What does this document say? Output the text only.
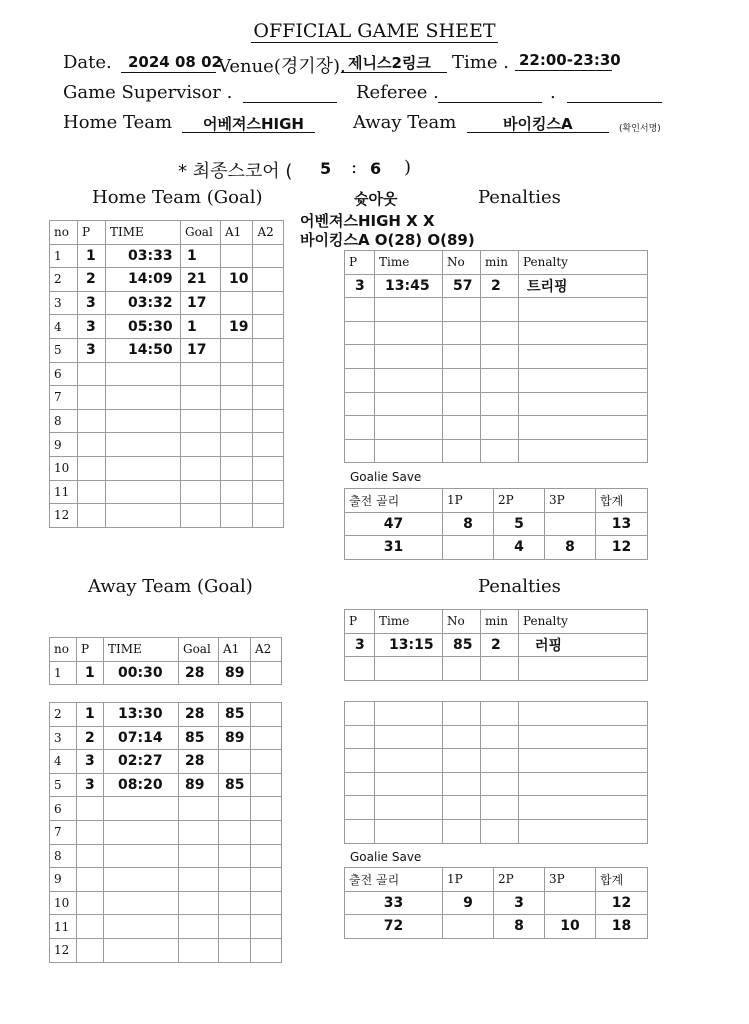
OFFICIAL GAME SHEET
Date. 2024 08 02
Venue(경기장). 제니스2링크 Time . 22:00-23:30
Game Supervisor .	Referee .	.
Home Team 어베져스HIGH	Away Team	바이킹스A	(확인서명)
* 최종스코어 ( 5 : 6 )
Home Team (Goal)	슛아웃
어벤져스HIGH X X
바이킹스A O(28) O(89)
Penalties
no	P	TIME	Goal	A1	A2
1	1	03:33	1		
2	2	14:09	21	10	
3	3	03:32	17		
4	3	05:30	1	19	
5	3	14:50	17		
6					
7					
8					
9					
10					
11					
12					
P	Time	No	min	Penalty
3	13:45	57	2	트리핑

Goalie Save
출전 골리	1P	2P	3P	합계
47	8	5		13
31		4	8	12
Away Team (Goal)	Penalties
no	P	TIME	Goal	A1	A2
1	1	00:30	28	89	
2	1	13:30	28	85	
3	2	07:14	85	89	
4	3	02:27	28		
5	3	08:20	89	85	
6					
7					
8					
9					
10					
11					
12					
P	Time	No	min	Penalty
3	13:15	85	2	러핑

Goalie Save
출전 골리	1P	2P	3P	합계
33	9	3		12
72		8	10	18
